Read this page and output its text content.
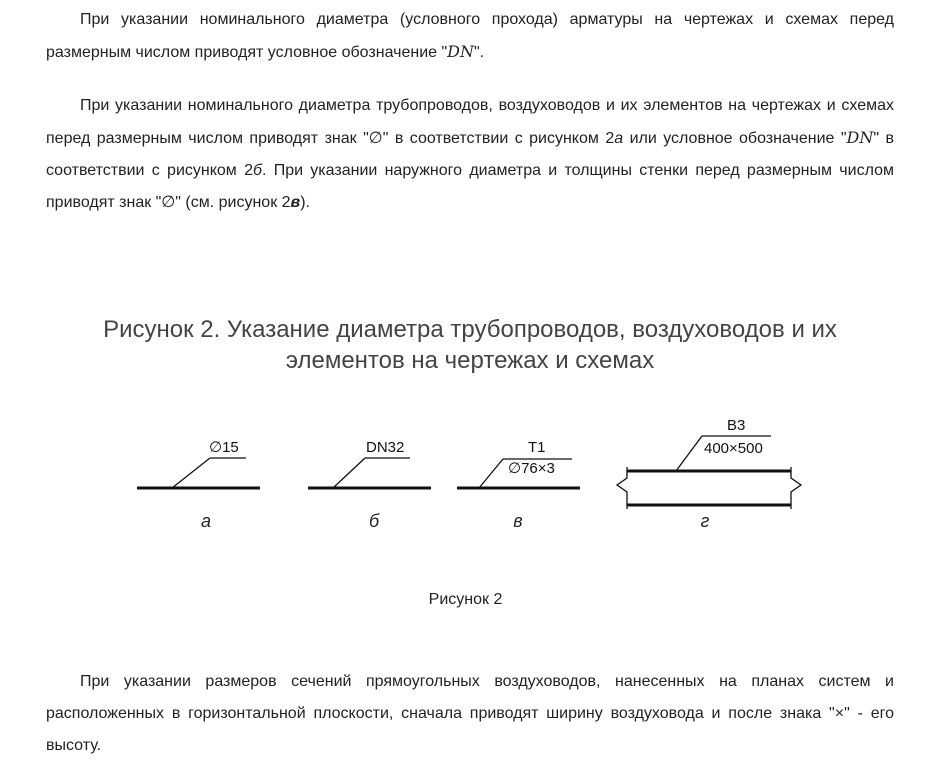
При указании номинального диаметра (условного прохода) арматуры на чертежах и схемах перед размерным числом приводят условное обозначение "DN".

При указании номинального диаметра трубопроводов, воздуховодов и их элементов на чертежах и схемах перед размерным числом приводят знак "∅" в соответствии с рисунком 2а или условное обозначение "DN" в соответствии с рисунком 2б. При указании наружного диаметра и толщины стенки перед размерным числом приводят знак "∅" (см. рисунок 2в).

Рисунок 2. Указание диаметра трубопроводов, воздуховодов и их элементов на чертежах и схемах
∅15	DN32	T1
∅76×3
B3
400×500
а	б	в	г
Рисунок 2

При указании размеров сечений прямоугольных воздуховодов, нанесенных на планах систем и расположенных в горизонтальной плоскости, сначала приводят ширину воздуховода и после знака "×" - его высоту.
